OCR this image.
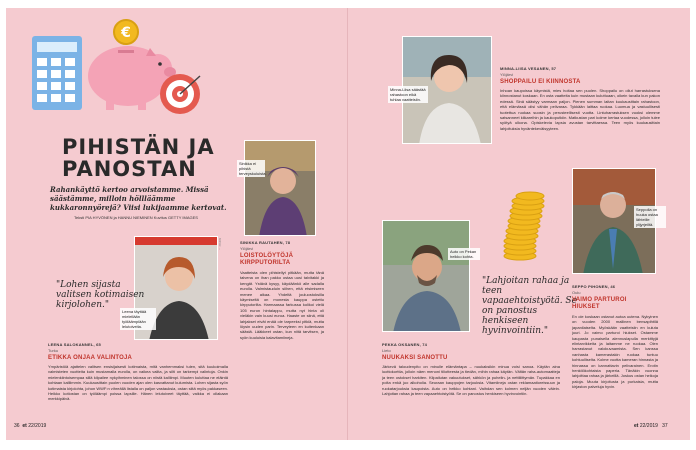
€
PIHISTÄN JA PANOSTAN
Rahankäyttö kertoo arvoistamme. Missä säästämme, milloin höllläämme kukkaronnyörejä? Viisi lukijaamme kertovat.
Teksti PIA HYVÖNEN ja HANNU NIEMINEN Kuvitus GETTY IMAGES
Sinikka ei pihistä terveyskuluista.
Leena täyttää mielellään työläämpiään lelutoiveita.
KUVA: ...
"Lohen sijasta valitsen kotimaisen kirjolohen."
LEENA SALOKANNEL, 65
Turku
ETIKKA ONJAA VALINTOJA
Ympäristöä ajattelen valitsen ensisijaisesti kotimaista, mitä vanhemmaksi tulen, sitä kuukoimalla valmisteten vuotteita kuin mustamalla eurolla, on vaikea valita, ja silti on tarkempi valintoja. Onkin mielenkiintoisempaa sillä kilpailee nykyihminen talossa on niistä kalliimpi. Muuten kuluttaa ne eläintä kohtaan kalliimmin. Kuukausittain puolen vuoden ajan olen kasvattanut kulumista. Lohen sijasta syön kotimaista kirjolohta, johon WWF:n vihreällä listalla on paljon vastauksia, ostan siitä myös pakkaseen. Heikko kotiostan on työläämpi poissa lapsille. Hänen lelutoiveet täyttää, vaikka ei ollakaan merkkipäivä.
SINIKKA RAUTAHEN, 78
Ylöjärvi
LOISTOLÖYTÖJÄ KIRPPUTORILTA
Vaatteista olen pihistellyt pitkään, mutta tänä talvena on ihan pakko ostaa uusi talvitakki ja kengät. Ystävä kysyy, käydäänkö alle sadalla eurolla. Valmistauduin siihen, että etsimiseen menee aikaa. Yhdeltä jouluostoksilla käymiseltä on monesta kauppa ostettu kirpputorilta. Harmaassa farkussa kolikoi vielä 105 euron hintalappu, mutta nyt hinta oli vieläkin vain kuusi euroa. Haaste on siinä, että lahjakset eivät enää ole tarpeeksi pitkiä, mutta löysin uuden parin. Terveyteen en kuitenkaan säästä. Lääkkeet ostan, kun niitä tarvitsen, ja syön kuuluisia kalavitamiineja.
36 et 22/2019
Minna-Liisa säästää rahastoon eikä tuhlaa vaatteisiin.
MINNA-LIISA VESANEN, 57
Ylöjärvi
SHOPPAILU EI KIINNOSTA
Inhoan kaupoissa käymistä, mies hoitaa sen puolen. Shoppailu on ollut harrastuksena kiinnostanut koskaan. En osta vaatteita kuin mustaan kuluttuaan, oikein tavalla kun pakon edessä. Sinä säästyy varmaan paljon. Pienen summan laitan kuukausittain rahastoon, että elämässä olisi vähän pelivaraa. Tykkään laittaa ruokaa. Luomua ja vastuullisesti tuotettua ruokaa suosin ja perusteellisesti vuotta. Lintuharrastuksen vuoksi olemme satsanneet kiikareihin ja kaukoputkiin. Matkustan pari kolme kertaa vuodessa, jolloin tulee syötyä ulkona. Opiskelevia lapsia avustan tarvittaessa. Teen myös kuukausittain lahjoituksia hyväntekeväisyyteen.
Auto on Pekan heikko kohta.
"Lahjoitan rahaa ja teen vapaaehtoistyötä. Se on panostus henkiseen hyvinvointiin."
PEKKA OKSANEN, 74
Lieto
NUUKAKSI SANOTTU
Järkevä taloudenpito on minulle elämäntapa – nuukaksikin minua voisi sanoa. Käytän aina luottokorttia, jolloin näen menoni tiliotteesta ja tiedän, mihin rahaa käytän. Vältän raha-automaatteja ja teen ostokset harkiten. Kilpailutan vakuutukset, sähkön ja puhelin- ja nettiliittymän. Tupakkaa en polta enkä juo alkoholia. Seuraan kauppojen tarjouksia. Vitamiineja ostan reklamaatioreissuun ja ruokatarjouksia kaupoista. Auto on heikko kohtani. Vaihdan sen kolmen neljän vuoden välein. Lahjoitan rahaa ja teen vapaaehtoistyötä. Se on panostus henkiseen hyvinvointiin.
Seppolla on huuka ostaa lähteille ylijyrjeiltä.
SEPPO PIHONEN, 46
Oulu
VAIMO PARTUROI HIUKSET
En ole koskaan ostanut autoa uutena. Nykyinen on vuoden 2000 mallinen bensapihtilä japanilaiselta. Myöskään vaatteisiin en kuluta juuri. Jo vaimo parturoi hiukset. Ostamme kaupasta punaisella alennuslapulla merkittyjä elintarvikkeita ja laitamme ne ruokaa. Olen harrastanut valokuvaamista. Sen kanssa vanhasta kamerastakin ruokaa tuntuu kohtuulliselta. Kolme vuotta kameran hinnasta ja hinnassa on kannattavin pelivarainen. Erotin henkilökohtaista paperia. Tänäkin vuonna lahjoittaa rahaa ja järkeillä. Joskus ostan heikoja paloja. Muuta kirjoitusta ja purkaisia, mutta kirjaston palveluja hyvin.
et 22/2019 37
